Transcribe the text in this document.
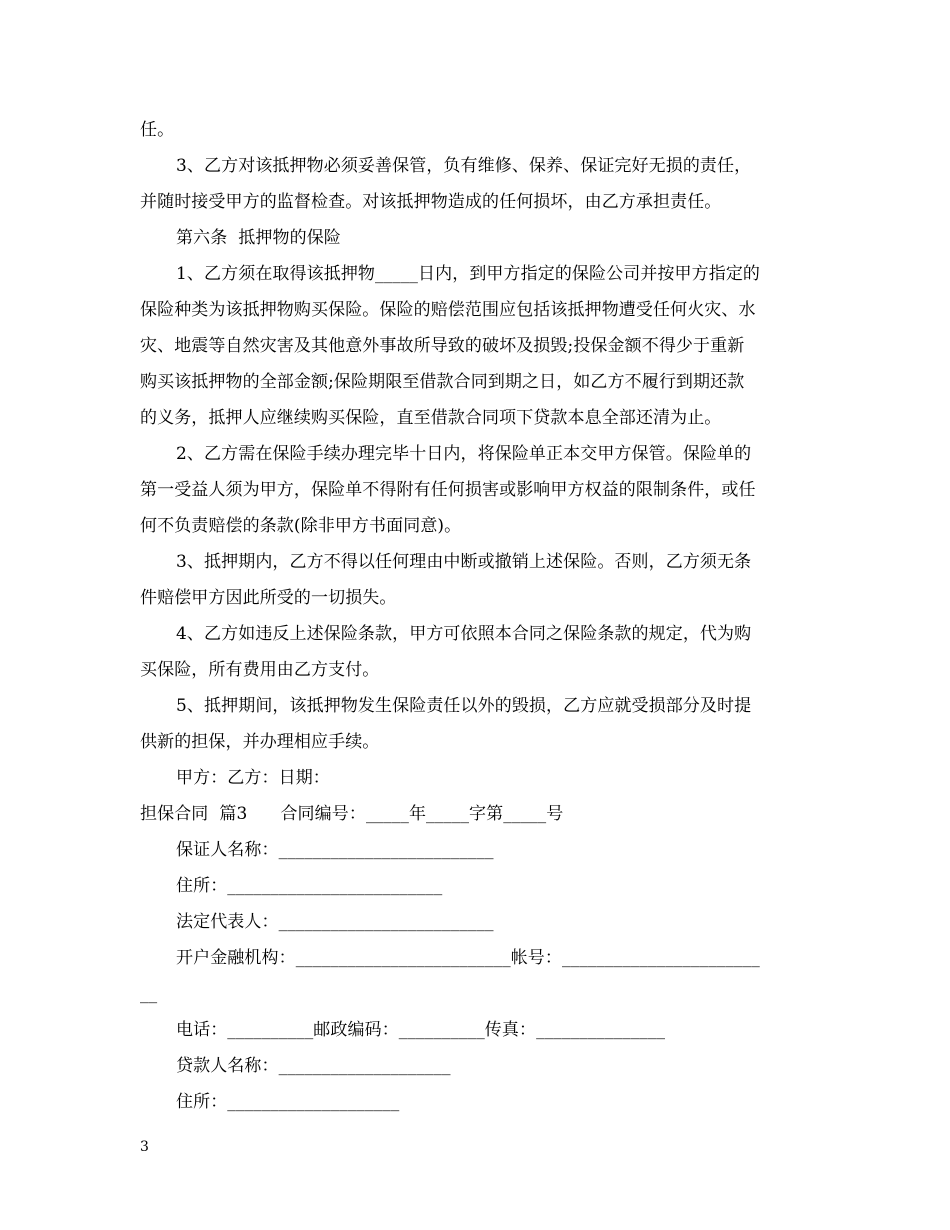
任。
3、乙方对该抵押物必须妥善保管，负有维修、保养、保证完好无损的责任，
并随时接受甲方的监督检查。对该抵押物造成的任何损坏，由乙方承担责任。
第六条  抵押物的保险
1、乙方须在取得该抵押物_____日内，到甲方指定的保险公司并按甲方指定的
保险种类为该抵押物购买保险。保险的赔偿范围应包括该抵押物遭受任何火灾、水
灾、地震等自然灾害及其他意外事故所导致的破坏及损毁;投保金额不得少于重新
购买该抵押物的全部金额;保险期限至借款合同到期之日，如乙方不履行到期还款
的义务，抵押人应继续购买保险，直至借款合同项下贷款本息全部还清为止。
2、乙方需在保险手续办理完毕十日内，将保险单正本交甲方保管。保险单的
第一受益人须为甲方，保险单不得附有任何损害或影响甲方权益的限制条件，或任
何不负责赔偿的条款(除非甲方书面同意)。
3、抵押期内，乙方不得以任何理由中断或撤销上述保险。否则，乙方须无条
件赔偿甲方因此所受的一切损失。
4、乙方如违反上述保险条款，甲方可依照本合同之保险条款的规定，代为购
买保险，所有费用由乙方支付。
5、抵押期间，该抵押物发生保险责任以外的毁损，乙方应就受损部分及时提
供新的担保，并办理相应手续。
甲方：乙方：日期：
担保合同  篇3      合同编号：_____年_____字第_____号
保证人名称：_________________________
住所：_________________________
法定代表人：_________________________
开户金融机构：_________________________帐号：_______________________
__
电话：__________邮政编码：__________传真：_______________
贷款人名称：____________________
住所：____________________
3
